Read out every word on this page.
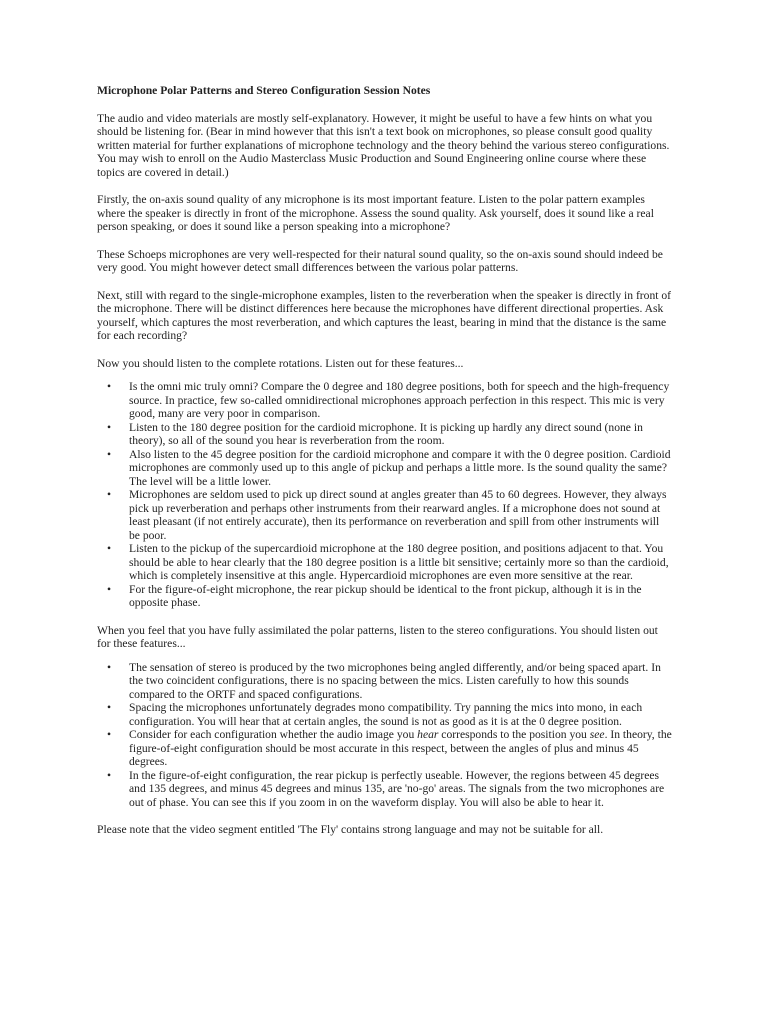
Microphone Polar Patterns and Stereo Configuration Session Notes

The audio and video materials are mostly self-explanatory. However, it might be useful to have a few hints on what you should be listening for. (Bear in mind however that this isn't a text book on microphones, so please consult good quality written material for further explanations of microphone technology and the theory behind the various stereo configurations. You may wish to enroll on the Audio Masterclass Music Production and Sound Engineering online course where these topics are covered in detail.)

Firstly, the on-axis sound quality of any microphone is its most important feature. Listen to the polar pattern examples where the speaker is directly in front of the microphone. Assess the sound quality. Ask yourself, does it sound like a real person speaking, or does it sound like a person speaking into a microphone?

These Schoeps microphones are very well-respected for their natural sound quality, so the on-axis sound should indeed be very good. You might however detect small differences between the various polar patterns.

Next, still with regard to the single-microphone examples, listen to the reverberation when the speaker is directly in front of the microphone. There will be distinct differences here because the microphones have different directional properties. Ask yourself, which captures the most reverberation, and which captures the least, bearing in mind that the distance is the same for each recording?

Now you should listen to the complete rotations. Listen out for these features...

• Is the omni mic truly omni? Compare the 0 degree and 180 degree positions, both for speech and the high-frequency source. In practice, few so-called omnidirectional microphones approach perfection in this respect. This mic is very good, many are very poor in comparison.
• Listen to the 180 degree position for the cardioid microphone. It is picking up hardly any direct sound (none in theory), so all of the sound you hear is reverberation from the room.
• Also listen to the 45 degree position for the cardioid microphone and compare it with the 0 degree position. Cardioid microphones are commonly used up to this angle of pickup and perhaps a little more. Is the sound quality the same? The level will be a little lower.
• Microphones are seldom used to pick up direct sound at angles greater than 45 to 60 degrees. However, they always pick up reverberation and perhaps other instruments from their rearward angles. If a microphone does not sound at least pleasant (if not entirely accurate), then its performance on reverberation and spill from other instruments will be poor.
• Listen to the pickup of the supercardioid microphone at the 180 degree position, and positions adjacent to that. You should be able to hear clearly that the 180 degree position is a little bit sensitive; certainly more so than the cardioid, which is completely insensitive at this angle. Hypercardioid microphones are even more sensitive at the rear.
• For the figure-of-eight microphone, the rear pickup should be identical to the front pickup, although it is in the opposite phase.

When you feel that you have fully assimilated the polar patterns, listen to the stereo configurations. You should listen out for these features...

• The sensation of stereo is produced by the two microphones being angled differently, and/or being spaced apart. In the two coincident configurations, there is no spacing between the mics. Listen carefully to how this sounds compared to the ORTF and spaced configurations.
• Spacing the microphones unfortunately degrades mono compatibility. Try panning the mics into mono, in each configuration. You will hear that at certain angles, the sound is not as good as it is at the 0 degree position.
• Consider for each configuration whether the audio image you hear corresponds to the position you see. In theory, the figure-of-eight configuration should be most accurate in this respect, between the angles of plus and minus 45 degrees.
• In the figure-of-eight configuration, the rear pickup is perfectly useable. However, the regions between 45 degrees and 135 degrees, and minus 45 degrees and minus 135, are 'no-go' areas. The signals from the two microphones are out of phase. You can see this if you zoom in on the waveform display. You will also be able to hear it.

Please note that the video segment entitled 'The Fly' contains strong language and may not be suitable for all.
